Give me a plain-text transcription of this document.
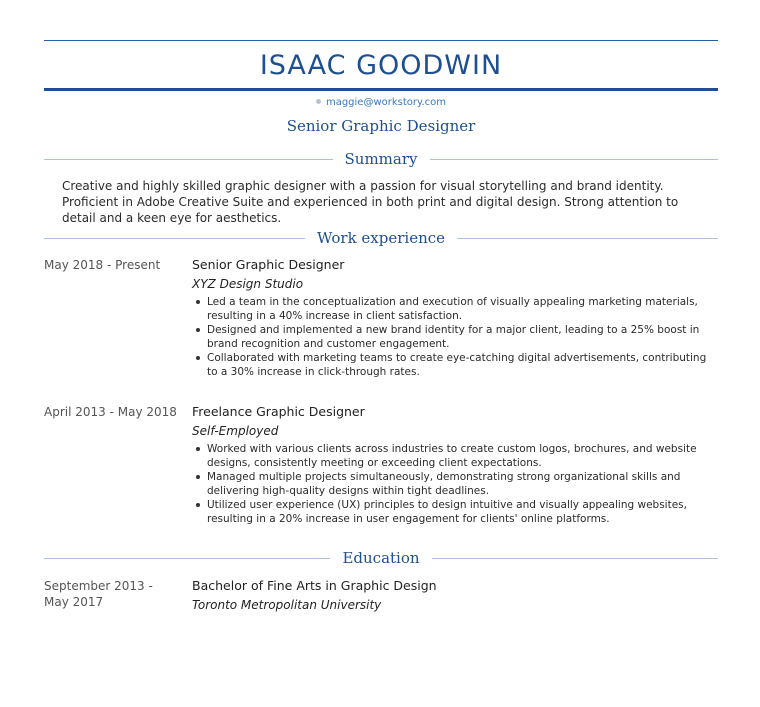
ISAAC GOODWIN
maggie@workstory.com
Senior Graphic Designer
Summary
Creative and highly skilled graphic designer with a passion for visual storytelling and brand identity. Proficient in Adobe Creative Suite and experienced in both print and digital design. Strong attention to detail and a keen eye for aesthetics.
Work experience
May 2018 - Present	Senior Graphic Designer
XYZ Design Studio
Led a team in the conceptualization and execution of visually appealing marketing materials, resulting in a 40% increase in client satisfaction.
Designed and implemented a new brand identity for a major client, leading to a 25% boost in brand recognition and customer engagement.
Collaborated with marketing teams to create eye-catching digital advertisements, contributing to a 30% increase in click-through rates.
April 2013 - May 2018 Freelance Graphic Designer
Self-Employed
Worked with various clients across industries to create custom logos, brochures, and website designs, consistently meeting or exceeding client expectations.
Managed multiple projects simultaneously, demonstrating strong organizational skills and delivering high-quality designs within tight deadlines.
Utilized user experience (UX) principles to design intuitive and visually appealing websites, resulting in a 20% increase in user engagement for clients' online platforms.
Education
September 2013 - May 2017
Bachelor of Fine Arts in Graphic Design
Toronto Metropolitan University
